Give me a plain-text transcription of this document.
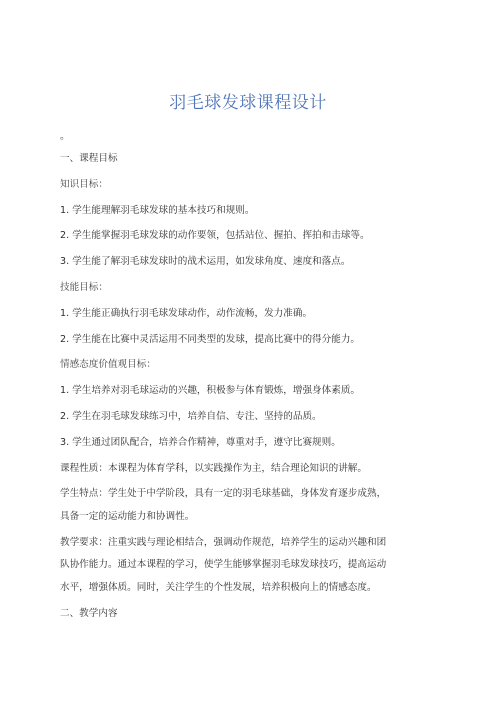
羽毛球发球课程设计
。
一、课程目标
知识目标：
1. 学生能理解羽毛球发球的基本技巧和规则。
2. 学生能掌握羽毛球发球的动作要领，包括站位、握拍、挥拍和击球等。
3. 学生能了解羽毛球发球时的战术运用，如发球角度、速度和落点。
技能目标：
1. 学生能正确执行羽毛球发球动作，动作流畅，发力准确。
2. 学生能在比赛中灵活运用不同类型的发球，提高比赛中的得分能力。
情感态度价值观目标：
1. 学生培养对羽毛球运动的兴趣，积极参与体育锻炼，增强身体素质。
2. 学生在羽毛球发球练习中，培养自信、专注、坚持的品质。
3. 学生通过团队配合，培养合作精神，尊重对手，遵守比赛规则。
课程性质：本课程为体育学科，以实践操作为主，结合理论知识的讲解。
学生特点：学生处于中学阶段，具有一定的羽毛球基础，身体发育逐步成熟，
具备一定的运动能力和协调性。
教学要求：注重实践与理论相结合，强调动作规范，培养学生的运动兴趣和团
队协作能力。通过本课程的学习，使学生能够掌握羽毛球发球技巧，提高运动
水平，增强体质。同时，关注学生的个性发展，培养积极向上的情感态度。
二、教学内容
